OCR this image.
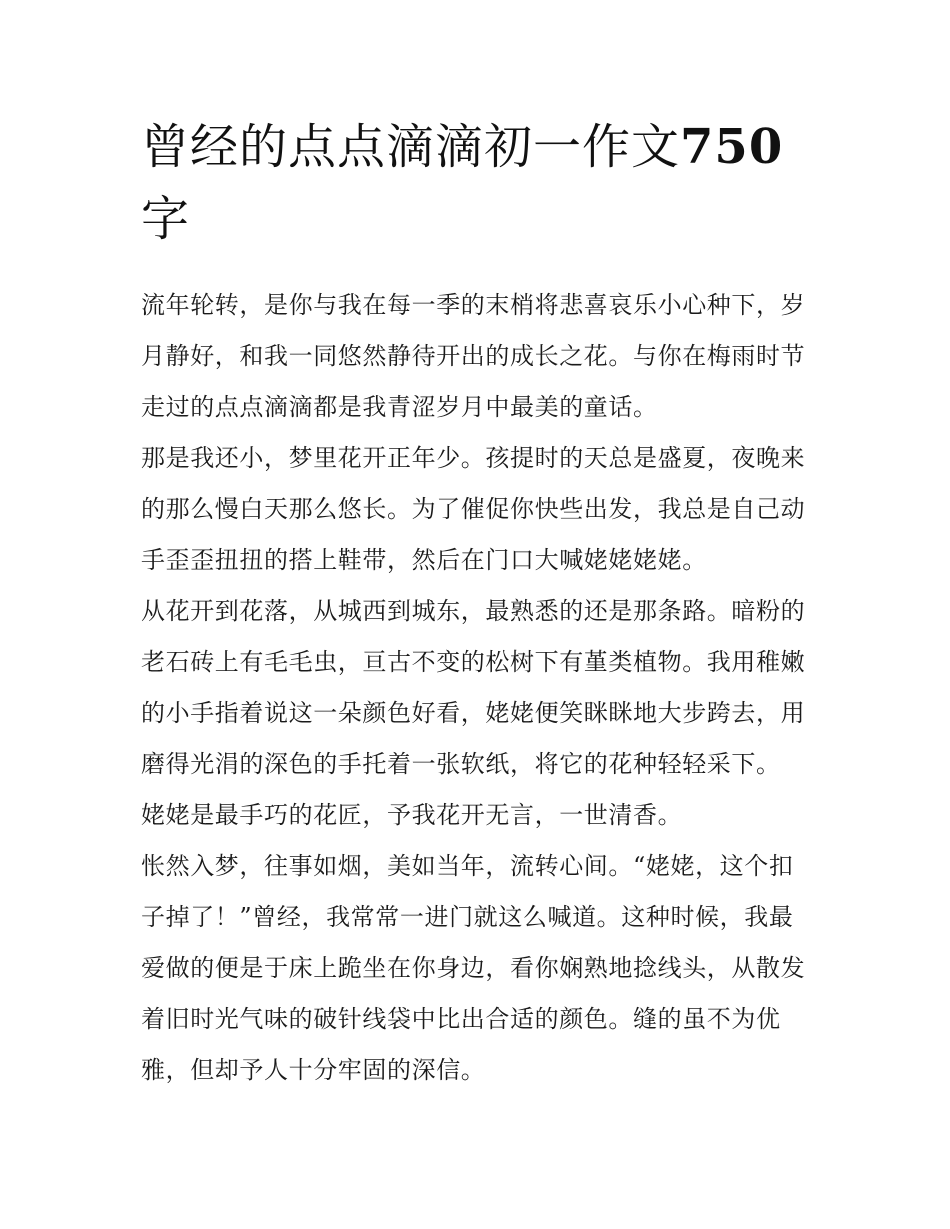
曾经的点点滴滴初一作文750
字

流年轮转，是你与我在每一季的末梢将悲喜哀乐小心种下，岁月静好，和我一同悠然静待开出的成长之花。与你在梅雨时节走过的点点滴滴都是我青涩岁月中最美的童话。

那是我还小，梦里花开正年少。孩提时的天总是盛夏，夜晚来的那么慢白天那么悠长。为了催促你快些出发，我总是自己动手歪歪扭扭的搭上鞋带，然后在门口大喊姥姥姥姥。

从花开到花落，从城西到城东，最熟悉的还是那条路。暗粉的老石砖上有毛毛虫，亘古不变的松树下有堇类植物。我用稚嫩的小手指着说这一朵颜色好看，姥姥便笑眯眯地大步跨去，用磨得光涓的深色的手托着一张软纸，将它的花种轻轻采下。

姥姥是最手巧的花匠，予我花开无言，一世清香。

怅然入梦，往事如烟，美如当年，流转心间。“姥姥，这个扣子掉了！”曾经，我常常一进门就这么喊道。这种时候，我最爱做的便是于床上跪坐在你身边，看你娴熟地捻线头，从散发着旧时光气味的破针线袋中比出合适的颜色。缝的虽不为优雅，但却予人十分牢固的深信。
